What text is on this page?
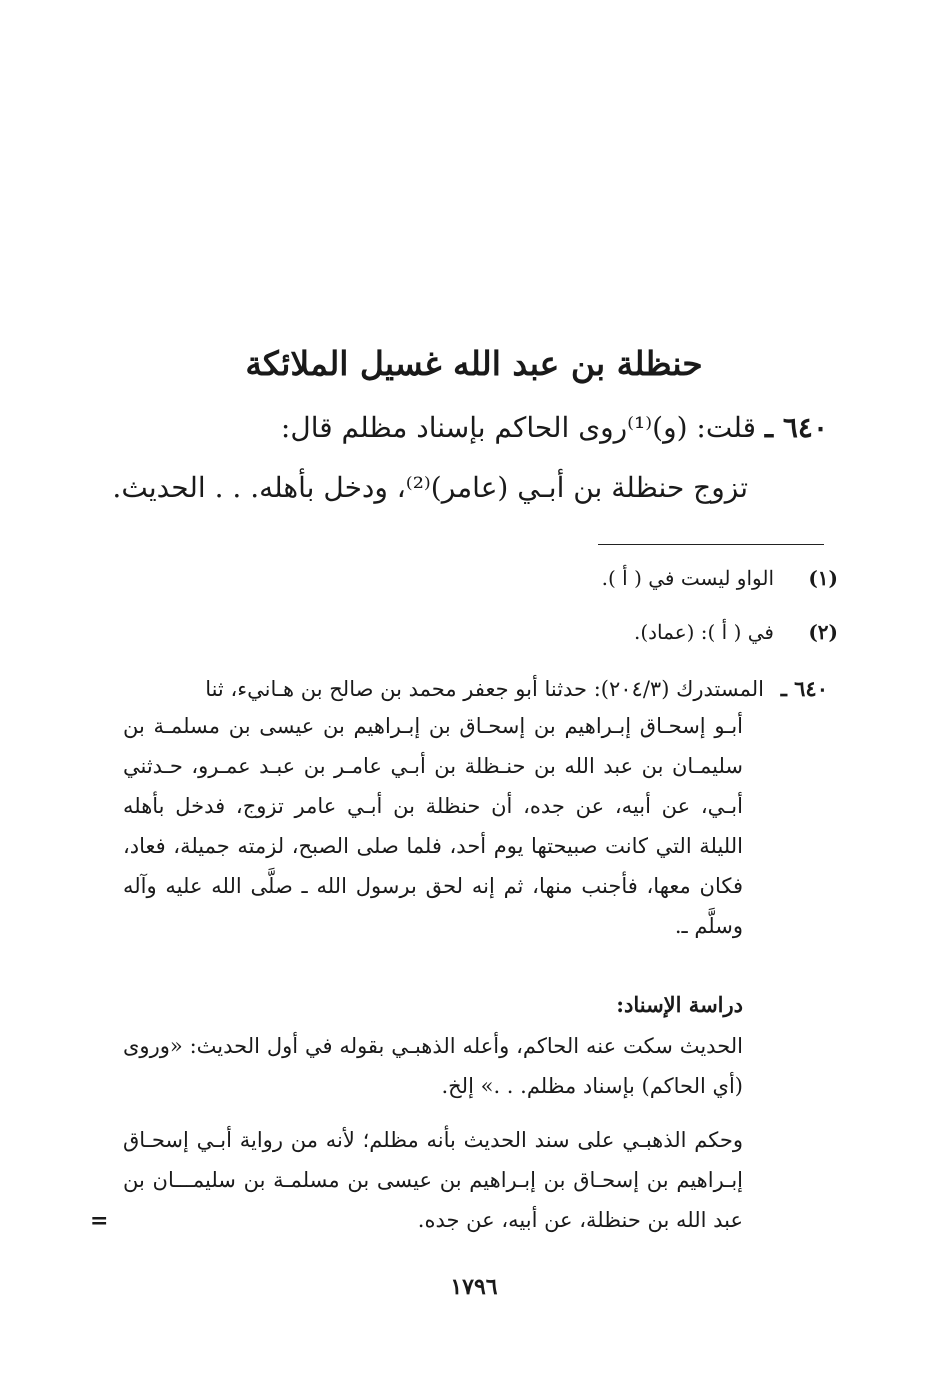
حنظلة بن عبد الله غسيل الملائكة
٦٤٠ ـ قلت: (و)⁽¹⁾روى الحاكم بإسناد مظلم قال:
تزوج حنظلة بن أبـي (عامر)⁽²⁾، ودخل بأهله. . . الحديث.
(١)الواو ليست في ( أ ).
(٢)في ( أ ): (عماد).
٦٤٠ ـالمستدرك (٢٠٤/٣): حدثنا أبو جعفر محمد بن صالح بن هـانيء، ثنا
أبـو إسحـاق إبـراهيم بن إسحـاق بن إبـراهيم بن عيسى بن مسلمـة بن
سليمـان بن عبد الله بن حنـظلة بن أبـي عامـر بن عبـد عمـرو، حـدثني
أبـي، عن أبيه، عن جده، أن حنظلة بن أبـي عامر تزوج، فدخل بأهله
الليلة التي كانت صبيحتها يوم أحد، فلما صلى الصبح، لزمته جميلة، فعاد،
فكان معها، فأجنب منها، ثم إنه لحق برسول الله ـ صلَّى الله عليه وآله
وسلَّم ـ.
دراسة الإسناد:
الحديث سكت عنه الحاكم، وأعله الذهبـي بقوله في أول الحديث: «وروى
(أي الحاكم) بإسناد مظلم. . .» إلخ.
وحكم الذهبـي على سند الحديث بأنه مظلم؛ لأنه من رواية أبـي إسحـاق
إبـراهيم بن إسحـاق بن إبـراهيم بن عيسى بن مسلمـة بن سليمـــان بن
عبد الله بن حنظلة، عن أبيه، عن جده.
=
١٧٩٦
